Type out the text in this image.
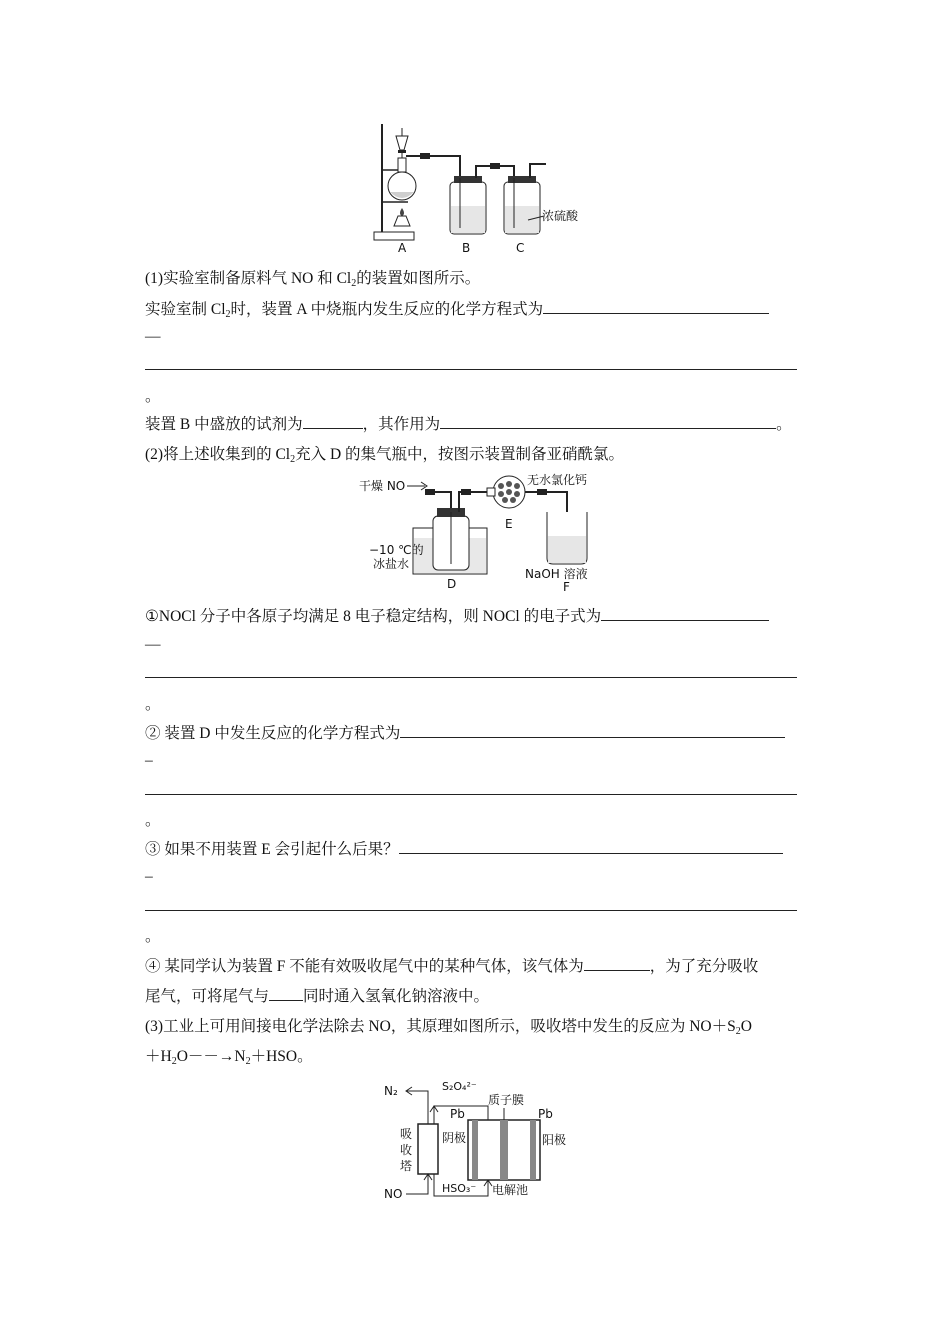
浓硫酸
A	B	C
(1)实验室制备原料气 NO 和 $Cl_2$的装置如图所示。
实验室制 $Cl_2$时，装置 A 中烧瓶内发生反应的化学方程式为
—
。
装置 B 中盛放的试剂为	，其作用为	。
(2)将上述收集到的 $Cl_2$充入 D 的集气瓶中，按图示装置制备亚硝酰氯。
干燥 NO	无水氯化钙
E
−10 ℃的
冰盐水
D
NaOH 溶液
F
①NOCl 分子中各原子均满足 8 电子稳定结构，则 NOCl 的电子式为
—
。
② 装置 D 中发生反应的化学方程式为
–
。
③ 如果不用装置 E 会引起什么后果？
–
。
④ 某同学认为装置 F 不能有效吸收尾气中的某种气体，该气体为	，为了充分吸收
尾气，可将尾气与 同时通入氢氧化钠溶液中。
(3)工业上可用间接电化学法除去 NO，其原理如图所示，吸收塔中发生的反应为 $NO+S_2O$
$+H_2O--\to N_2+HSO$。
N₂
吸
收
塔
NO
S₂O₄²⁻
HSO₃⁻ 电解池
质子膜
Pb	Pb
阴极	阳极
